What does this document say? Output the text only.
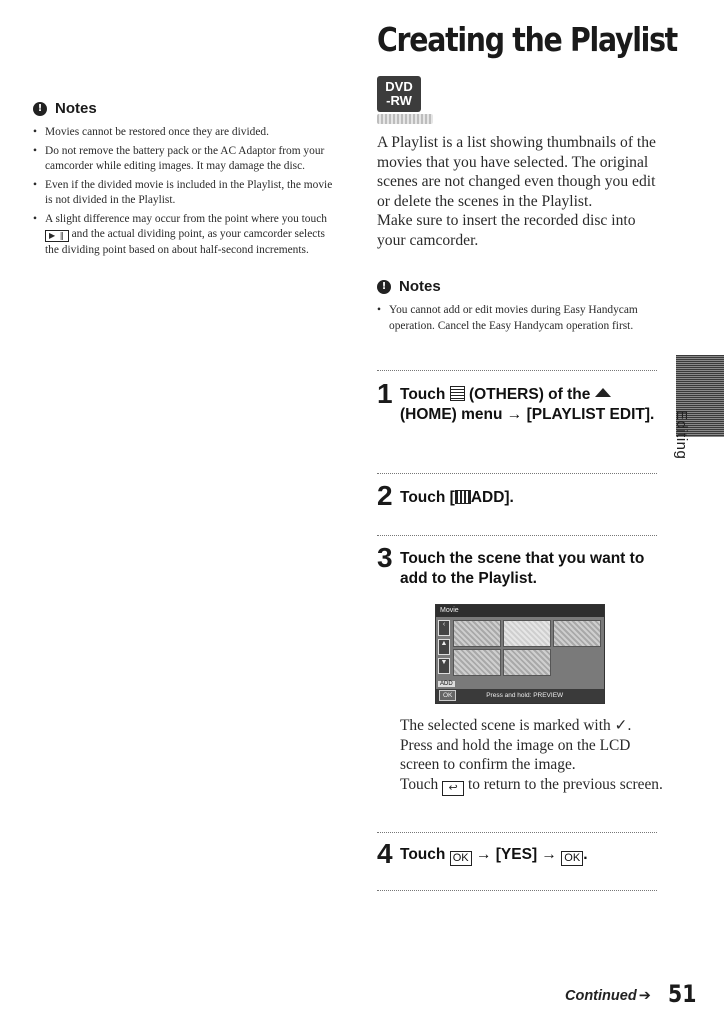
Creating the Playlist
! Notes
• Movies cannot be restored once they are divided.
• Do not remove the battery pack or the AC Adaptor from your camcorder while editing images. It may damage the disc.
• Even if the divided movie is included in the Playlist, the movie is not divided in the Playlist.
• A slight difference may occur from the point where you touch ▶ ‖ and the actual dividing point, as your camcorder selects the dividing point based on about half-second increments.
DVD
-RW

A Playlist is a list showing thumbnails of the movies that you have selected. The original scenes are not changed even though you edit or delete the scenes in the Playlist.

Make sure to insert the recorded disc into your camcorder.

! Notes
• You cannot add or edit movies during Easy Handycam operation. Cancel the Easy Handycam operation first.
1 Touch (OTHERS) of the  (HOME) menu → [PLAYLIST EDIT].
2 Touch [ ADD].
3 Touch the scene that you want to add to the Playlist.
Movie
‹
▲
▼
ADD
OK	Press and hold: PREVIEW

The selected scene is marked with ✓.

Press and hold the image on the LCD screen to confirm the image.

Touch ↩ to return to the previous screen.

4 Touch OK → [YES] → OK .
Editing
Continued ➔ 51
